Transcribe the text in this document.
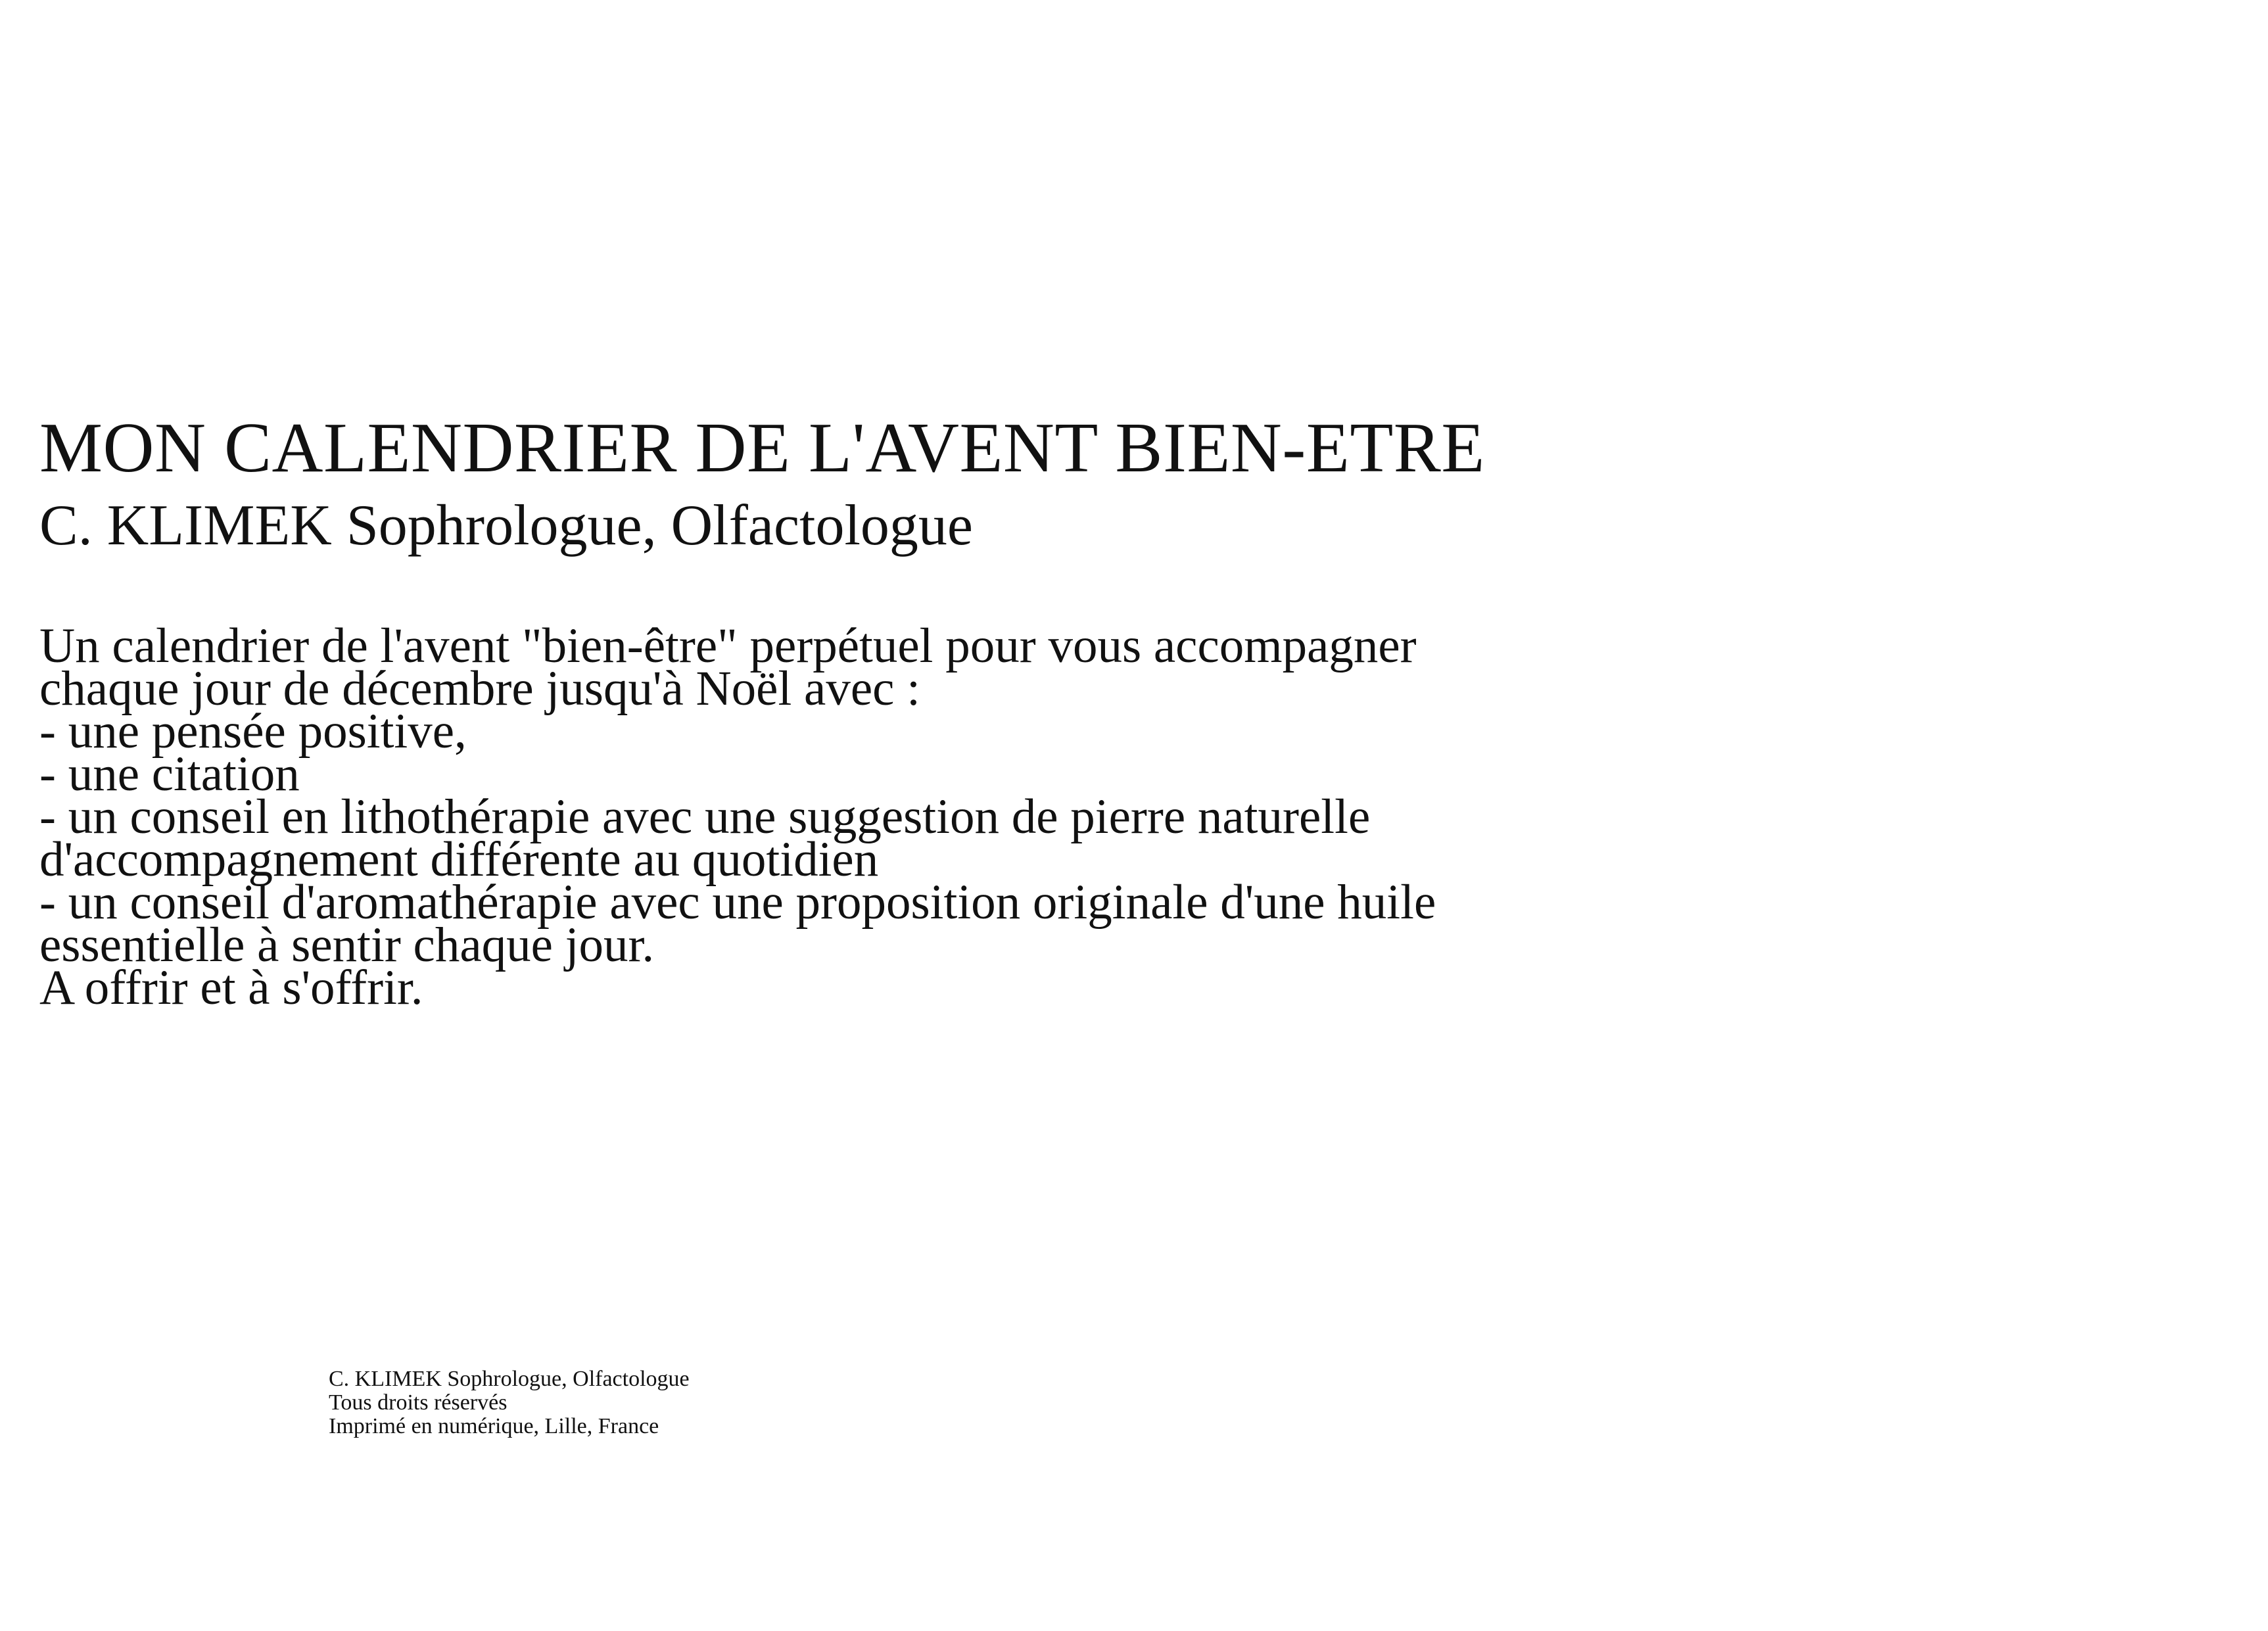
MON CALENDRIER DE L'AVENT BIEN-ETRE
C. KLIMEK Sophrologue, Olfactologue
Un calendrier de l'avent "bien-être" perpétuel pour vous accompagner
chaque jour de décembre jusqu'à Noël avec :
- une pensée positive,
- une citation
- un conseil en lithothérapie avec une suggestion de pierre naturelle
d'accompagnement différente au quotidien
- un conseil d'aromathérapie avec une proposition originale d'une huile
essentielle à sentir chaque jour.
A offrir et à s'offrir.
C. KLIMEK Sophrologue, Olfactologue
Tous droits réservés
Imprimé en numérique, Lille, France
